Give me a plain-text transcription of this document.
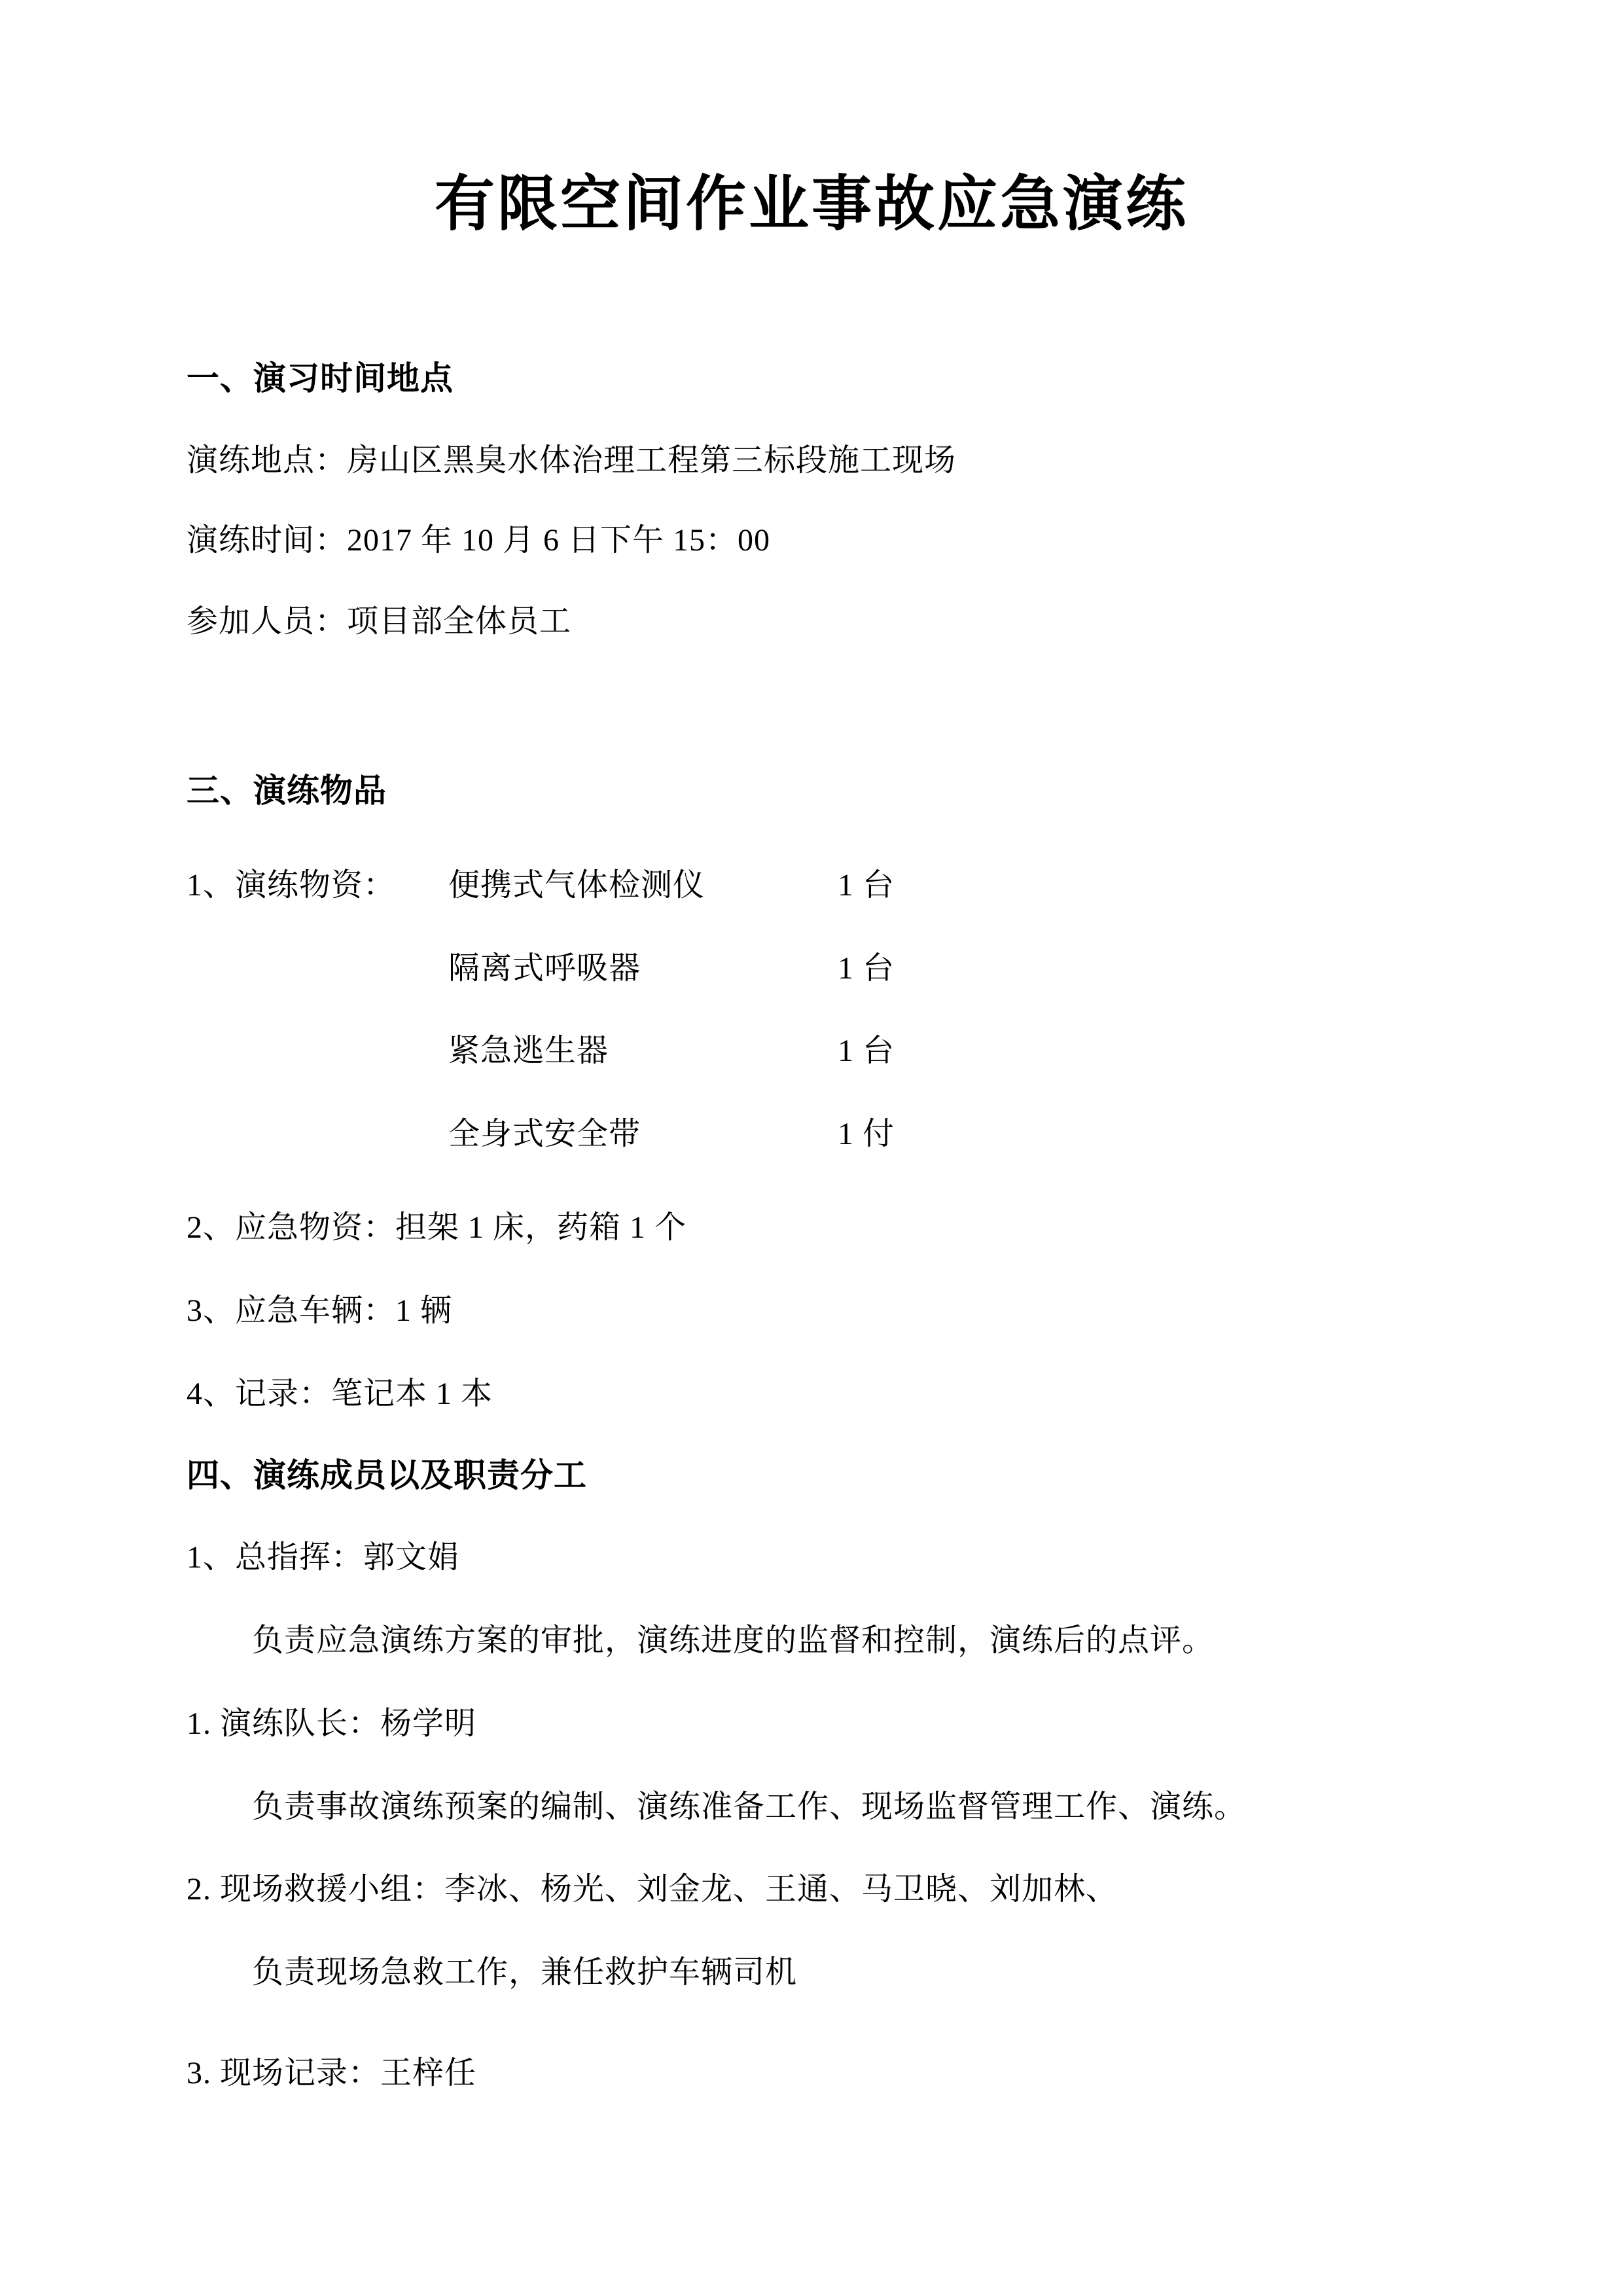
有限空间作业事故应急演练
一、演习时间地点
演练地点：房山区黑臭水体治理工程第三标段施工现场
演练时间：2017 年 10 月 6 日下午 15：00
参加人员：项目部全体员工
三、演练物品
1、演练物资： 便携式气体检测仪	1 台
隔离式呼吸器	1 台
紧急逃生器	1 台
全身式安全带	1 付
2、应急物资：担架 1 床，药箱 1 个
3、应急车辆：1 辆
4、记录：笔记本 1 本
四、演练成员以及职责分工
1、总指挥：郭文娟
负责应急演练方案的审批，演练进度的监督和控制，演练后的点评。
1. 演练队长：杨学明
负责事故演练预案的编制、演练准备工作、现场监督管理工作、演练。
2. 现场救援小组：李冰、杨光、刘金龙、王通、马卫晓、刘加林、
负责现场急救工作，兼任救护车辆司机
3. 现场记录：王梓任
